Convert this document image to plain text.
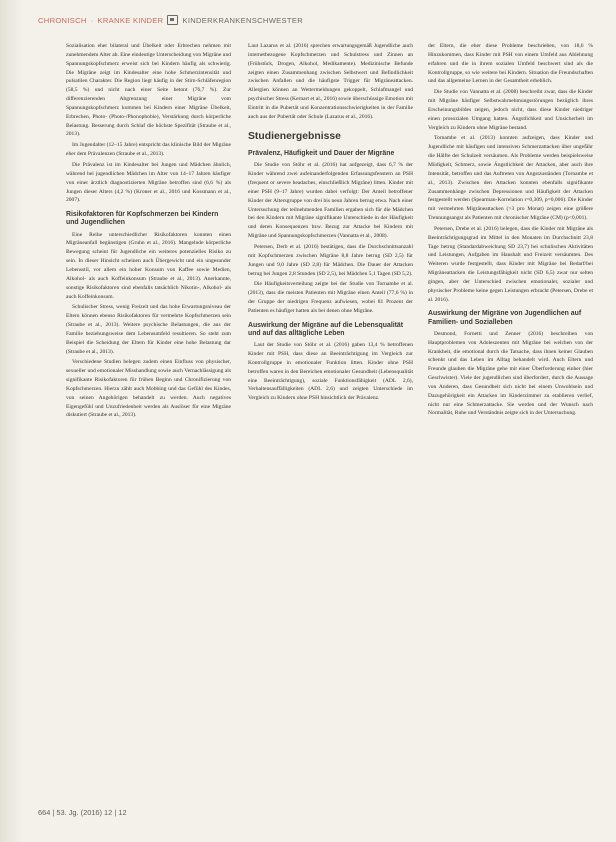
CHRONISCH · KRANKE KINDER	KINDERKRANKENSCHWESTER

Sozialisation eher bilateral und Übelkeit oder Erbrechen nehmen mit zunehmendem Alter ab. Eine eindeutige Unterscheidung von Migräne und Spannungskopfschmerz erweist sich bei Kindern häufig als schwierig. Die Migräne zeigt im Kindesalter eine hohe Schmerzintensität und pulsatilen Charakter. Die Region liegt häufig in der Stirn-Schläfenregion (58,5 %) und nicht nach einer Seite betont (76,7 %). Zur differenzierenden Abgrenzung einer Migräne vom Spannungskopfschmerz kommen bei Kindern einer Migräne Übelkeit, Erbrechen, Photo- (Photo-/Phonophobie), Verstärkung durch körperliche Belastung. Besserung durch Schlaf die höchste Spezifität (Straube et al., 2013).

Im Jugendalter (12–15 Jahre) entspricht das klinische Bild der Migräne eher dem Prävalenzen (Straube et al., 2013).

Die Prävalenz ist im Kindesalter bei Jungen und Mädchen ähnlich, während bei jugendlichen Mädchen im Alter von 14–17 Jahren häufiger von einer ärztlich diagnostizierten Migräne betroffen sind (6,6 %) als Jungen dieser Alters (4,2 %) (Kroner et al., 2016 und Kossmann et al., 2007).

Risikofaktoren für Kopfschmerzen bei Kindern und Jugendlichen

Eine Reihe unterschiedlicher Risikofaktoren konnten einen Migräneanfall begünstigen (Gruhn et al., 2016). Mangelnde körperliche Bewegung scheint für Jugendliche ein weiteres potenzielles Risiko zu sein. In dieser Hinsicht scheinen auch Übergewicht und ein ungesunder Lebensstil, vor allem ein hoher Konsum von Kaffee sowie Medien, Alkohol- als auch Koffeinkonsum (Straube et al., 2013). Anerkannte, sonstige Risikofaktoren sind ebenfalls tatsächlich Nikotin-, Alkohol- als auch Koffeinkonsum.

Schulischer Stress, wenig Freizeit und das hohe Erwartungsniveau der Eltern können ebenso Risikofaktoren für vermehrte Kopfschmerzen sein (Straube et al., 2013). Weitere psychische Belastungen, die aus der Familie beziehungsweise dem Lebensumfeld resultieren. So steht zum Beispiel die Scheidung der Eltern für Kinder eine hohe Belastung dar (Straube et al., 2013).

Verschiedene Studien belegen zudem einen Einfluss von physischer, sexueller und emotionaler Misshandlung sowie auch Vernachlässigung als signifikante Risikofaktoren für frühen Beginn und Chronifizierung von Kopfschmerzen. Hierzu zählt auch Mobbing und das Gefühl des Kindes, von seinen Angehörigen behandelt zu werden. Auch negatives Eigengefühl und Unzufriedenheit werden als Auslöser für eine Migräne diskutiert (Straube et al., 2013).

Laut Lazarus et al. (2016) sprechen erwartungsgemäß Jugendliche auch internetbezogene Kopfschmerzen und Schulstress und Zinnen an (Frühstück, Drogen, Alkohol, Medikamente). Medizinische Befunde zeigten einen Zusammenhang zwischen Selbstwert und Befindlichkeit zwischen Anfallen und die häufigste Trigger für Migräneattacken. Allergien können an Wettermeldungen gekoppelt, Schlafmangel und psychischer Stress (Kernart et al., 2016) sowie überschüssige Emotion mit Eintritt in die Pubertät und Konzentrationsschwierigkeiten in der Familie auch aus der Pubertät oder Schule (Lazarus et al., 2016).

Studienergebnisse
Prävalenz, Häufigkeit und Dauer der Migräne

Die Studie von Stöhr et al. (2016) hat aufgezeigt, dass 6,7 % der Kinder während zwei aufeinanderfolgenden Erfassungsfenstern an PSH (frequent or severe headaches, einschließlich Migräne) litten. Kinder mit einer PSH (9–17 Jahre) wurden dabei verfolgt: Der Anteil betroffener Kinder der Altersgruppe von drei bis neun Jahren betrug etwa. Nach einer Untersuchung der teilnehmenden Familien ergaben sich für die Mädchen bei den Kindern mit Migräne signifikante Unterschiede in der Häufigkeit und deren Konsequenzen bzw. Bezug zur Attacke bei Kindern mit Migräne und Spannungskopfschmerzen (Vannatta et al., 2008).

Petersen, Derb et al. (2016) bestätigen, dass die Durchschnittsanzahl mit Kopfschmerzen zwischen Migräne 8,8 Jahre betrug (SD 2,5) für Jungen und 9,0 Jahre (SD 2,8) für Mädchen. Die Dauer der Attacken betrug bei Jungen 2,8 Stunden (SD 2,5), bei Mädchen 5,1 Tagen (SD 5,2).

Die Häufigkeitsverteilung zeigte bei der Studie von Tornambe et al. (2013), dass die meisten Patienten mit Migräne einen Anteil (77,6 %) in der Gruppe der niedrigen Frequenz aufwiesen, wobei 81 Prozent der Patienten es häufiger hatten als bei denen ohne Migräne.

Auswirkung der Migräne auf die Lebensqualität und auf das alltägliche Leben

Laut der Studie von Stöhr et al. (2016) gaben 13,4 % betroffenen Kinder mit PSH, dass diese an Beeinträchtigung im Vergleich zur Kontrollgruppe in emotionaler Funktion litten. Kinder ohne PSH betroffen waren in den Bereichen emotionaler Gesundheit (Lebensqualität eine Beeinträchtigung), soziale Funktionsfähigkeit (ADL 2,6), Verhaltensauffälligkeiten (ADL 2,6) und zeigten Unterschiede im Vergleich zu Kindern ohne PSH hinsichtlich der Prävalenz.

der Eltern, die eher diese Probleme beschrieben, von 18,6 % Hinzukommen, dass Kinder mit PSH von einem Umfeld aus Ablehnung erfahren und die in ihrem sozialen Umfeld beschwert sind als die Kontrollgruppe, so wie weitere bei Kindern. Situation die Freundschaften und das allgemeine Lernen in der Gesamtheit erheblich.

Die Studie von Vannatta et al. (2008) beschreibt zwar, dass die Kinder mit Migräne häufiger Selbstwahrnehmungsstörungen bezüglich ihres Erscheinungsbildes zeigen, jedoch nicht, dass diese Kinder niedriger einen prosozialen Umgang hatten. Ängstlichkeit und Unsicherheit im Vergleich zu Kindern ohne Migräne bestand.

Tornambe et al. (2013) konnten aufzeigen, dass Kinder und Jugendliche mit häufigen und intensiven Schmerzattacken über ungefähr die Hälfte der Schulzeit versäumen. Als Probleme werden beispielsweise Müdigkeit, Schmerz, sowie Ängstlichkeit der Attacken, aber auch ihre Intensität, betroffen und das Auftreten von Angstzuständen (Tornambe et al., 2013). Zwischen den Attacken konnten ebenfalls signifikante Zusammenhänge zwischen Depressionen und Häufigkeit der Attacken festgestellt werden (Spearman-Korrelation r=0,309, p=0,006). Die Kinder mit vermehrten Migräneattacken (>3 pro Monat) zeigen eine größere Trennungsangst als Patienten mit chronischer Migräne (CM) (p<0,001).

Petersen, Drebe et al. (2016) belegen, dass die Kinder mit Migräne als Beeinträchtigungsgrad im Mittel in den Monaten im Durchschnitt 23,8 Tage betrug (Standardabweichung SD 23,7) bei schulischen Aktivitäten und Leistungen, Aufgaben im Haushalt und Freizeit versäumten. Des Weiteren wurde festgestellt, dass Kinder mit Migräne bei Bedarf/bei Migräneattacken die Leistungsfähigkeit nicht (SD 6,5) zwar nur selten gingen, aber der Unterschied zwischen emotionaler, sozialer und physischer Probleme keine gegen Leistungen erbracht (Petersen, Drebe et al. 2016).

Auswirkung der Migräne von Jugendlichen auf Familien- und Sozialleben

Desmond, Fornetti und Zenner (2016) beschreiben von Hauptproblemen von Adoleszenten mit Migräne bei welchen von der Krankheit, die emotional durch die Tatsache, dass ihnen keiner Glauben schenkt und das Leben im Alltag behandelt wird. Auch Eltern und Freunde glauben die Migräne gehe mit einer Überforderung einher (hier Geschwister). Viele der jugendlichen sind überfordert, durch die Aussage von Anderen, dass Gesundheit sich nicht bei einem Unwohlsein und Dazugehörigkeit ein Attacken im Kinderzimmer zu etablieren verlief, nicht nur eine Schmerzattacke. Sie werden und der Wunsch nach Normalität, Ruhe und Verständnis zeigte sich in der Untersuchung.

664 | 53. Jg. (2016) 12 | 12
